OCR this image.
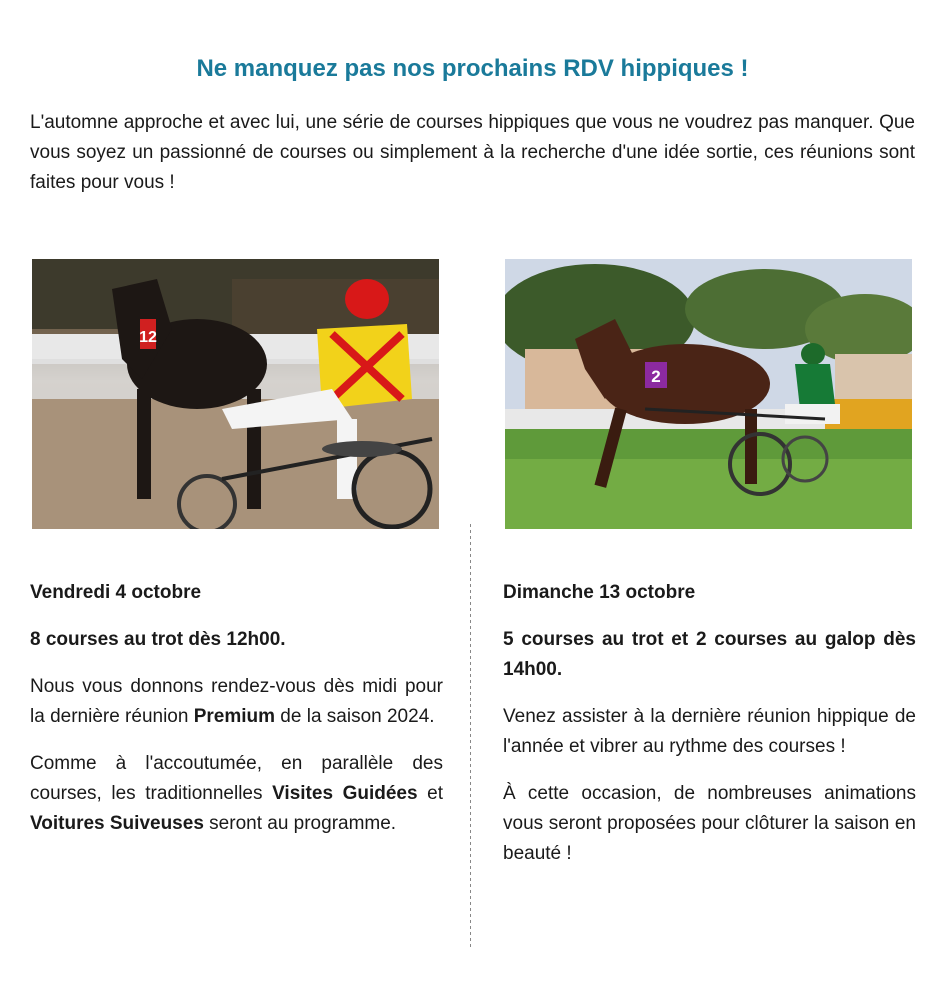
Ne manquez pas nos prochains RDV hippiques !

L'automne approche et avec lui, une série de courses hippiques que vous ne voudrez pas manquer. Que vous soyez un passionné de courses ou simplement à la recherche d'une idée sortie, ces réunions sont faites pour vous !

12
2

Vendredi 4 octobre

8 courses au trot dès 12h00.

Nous vous donnons rendez-vous dès midi pour la dernière réunion Premium de la saison 2024.

Comme à l'accoutumée, en parallèle des courses, les traditionnelles Visites Guidées et Voitures Suiveuses seront au programme.

Dimanche 13 octobre

5 courses au trot et 2 courses au galop dès 14h00.

Venez assister à la dernière réunion hippique de l'année et vibrer au rythme des courses !

À cette occasion, de nombreuses animations vous seront proposées pour clôturer la saison en beauté !
